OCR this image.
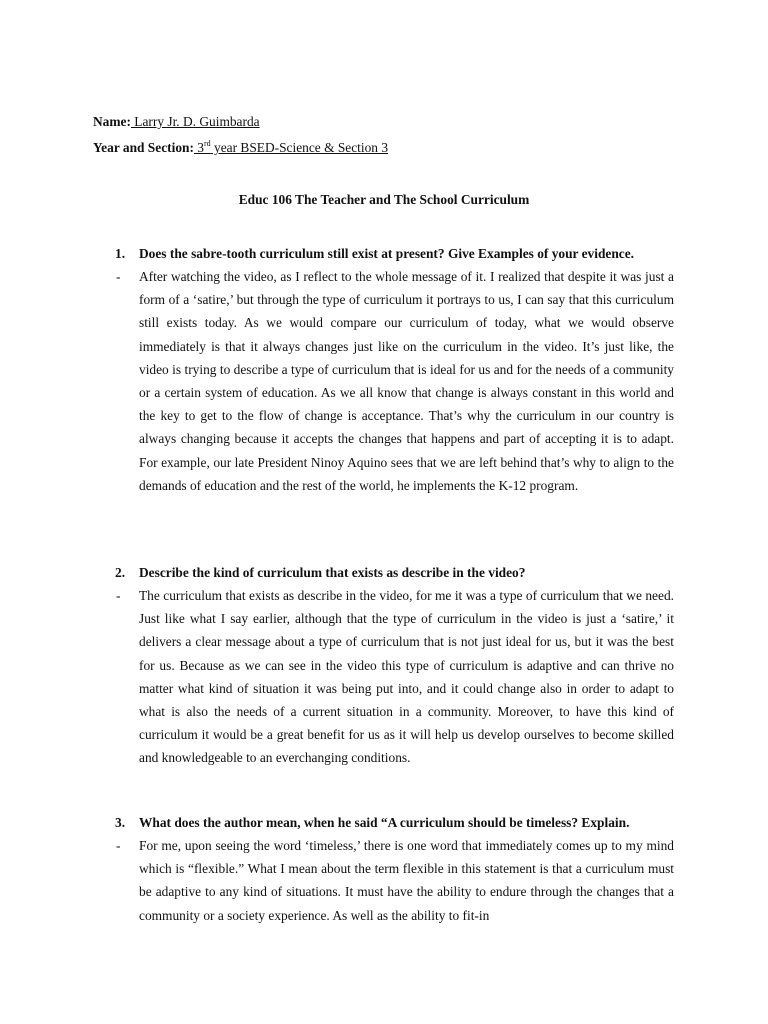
Name: Larry Jr. D. Guimbarda
Year and Section: 3rd year BSED-Science & Section 3
Educ 106 The Teacher and The School Curriculum
1. Does the sabre-tooth curriculum still exist at present? Give Examples of your evidence.
- After watching the video, as I reflect to the whole message of it. I realized that despite it was just a form of a ‘satire,’ but through the type of curriculum it portrays to us, I can say that this curriculum still exists today. As we would compare our curriculum of today, what we would observe immediately is that it always changes just like on the curriculum in the video. It’s just like, the video is trying to describe a type of curriculum that is ideal for us and for the needs of a community or a certain system of education. As we all know that change is always constant in this world and the key to get to the flow of change is acceptance. That’s why the curriculum in our country is always changing because it accepts the changes that happens and part of accepting it is to adapt. For example, our late President Ninoy Aquino sees that we are left behind that’s why to align to the demands of education and the rest of the world, he implements the K-12 program.

2. Describe the kind of curriculum that exists as describe in the video?
- The curriculum that exists as describe in the video, for me it was a type of curriculum that we need. Just like what I say earlier, although that the type of curriculum in the video is just a ‘satire,’ it delivers a clear message about a type of curriculum that is not just ideal for us, but it was the best for us. Because as we can see in the video this type of curriculum is adaptive and can thrive no matter what kind of situation it was being put into, and it could change also in order to adapt to what is also the needs of a current situation in a community. Moreover, to have this kind of curriculum it would be a great benefit for us as it will help us develop ourselves to become skilled and knowledgeable to an everchanging conditions.

3. What does the author mean, when he said “A curriculum should be timeless? Explain.
- For me, upon seeing the word ‘timeless,’ there is one word that immediately comes up to my mind which is “flexible.” What I mean about the term flexible in this statement is that a curriculum must be adaptive to any kind of situations. It must have the ability to endure through the changes that a community or a society experience. As well as the ability to fit-in
